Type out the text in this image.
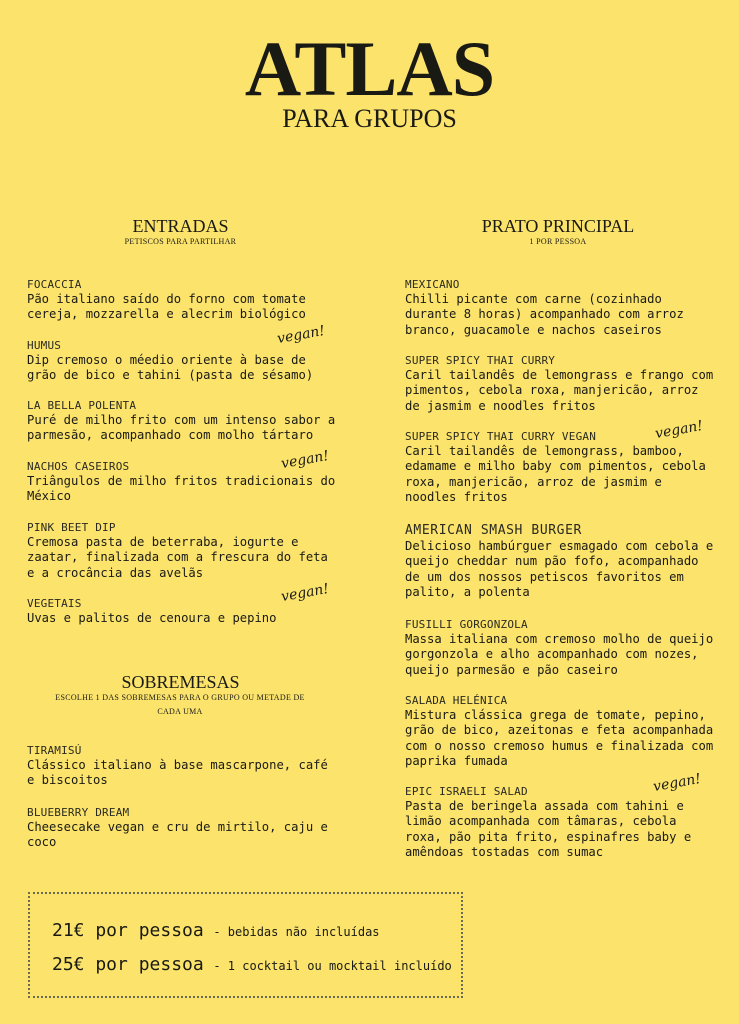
ATLAS
PARA GRUPOS
ENTRADAS
PETISCOS PARA PARTILHAR
FOCACCIA
Pão italiano saído do forno com tomate cereja, mozzarella e alecrim biológico
HUMUS
Dip cremoso o méedio oriente à base de grão de bico e tahini (pasta de sésamo)
vegan!
LA BELLA POLENTA
Puré de milho frito com um intenso sabor a parmesão, acompanhado com molho tártaro
NACHOS CASEIROS
Triângulos de milho fritos tradicionais do México
vegan!
PINK BEET DIP
Cremosa pasta de beterraba, iogurte e zaatar, finalizada com a frescura do feta e a crocância das avelãs
VEGETAIS
Uvas e palitos de cenoura e pepino
vegan!
SOBREMESAS
ESCOLHE 1 DAS SOBREMESAS PARA O GRUPO OU METADE DE CADA UMA
TIRAMISÚ
Clássico italiano à base mascarpone, café e biscoitos
BLUEBERRY DREAM
Cheesecake vegan e cru de mirtilo, caju e coco
PRATO PRINCIPAL
1 POR PESSOA
MEXICANO
Chilli picante com carne (cozinhado durante 8 horas) acompanhado com arroz branco, guacamole e nachos caseiros
SUPER SPICY THAI CURRY
Caril tailandês de lemongrass e frango com pimentos, cebola roxa, manjericão, arroz de jasmim e noodles fritos
SUPER SPICY THAI CURRY VEGAN
Caril tailandês de lemongrass, bamboo, edamame e milho baby com pimentos, cebola roxa, manjericão, arroz de jasmim e noodles fritos
vegan!
AMERICAN SMASH BURGER
Delicioso hambúrguer esmagado com cebola e queijo cheddar num pão fofo, acompanhado de um dos nossos petiscos favoritos em palito, a polenta
FUSILLI GORGONZOLA
Massa italiana com cremoso molho de queijo gorgonzola e alho acompanhado com nozes, queijo parmesão e pão caseiro
SALADA HELÉNICA
Mistura clássica grega de tomate, pepino, grão de bico, azeitonas e feta acompanhada com o nosso cremoso humus e finalizada com paprika fumada
EPIC ISRAELI SALAD
Pasta de beringela assada com tahini e limão acompanhada com tâmaras, cebola roxa, pão pita frito, espinafres baby e amêndoas tostadas com sumac
vegan!
21€ por pessoa - bebidas não incluídas
25€ por pessoa - 1 cocktail ou mocktail incluído
